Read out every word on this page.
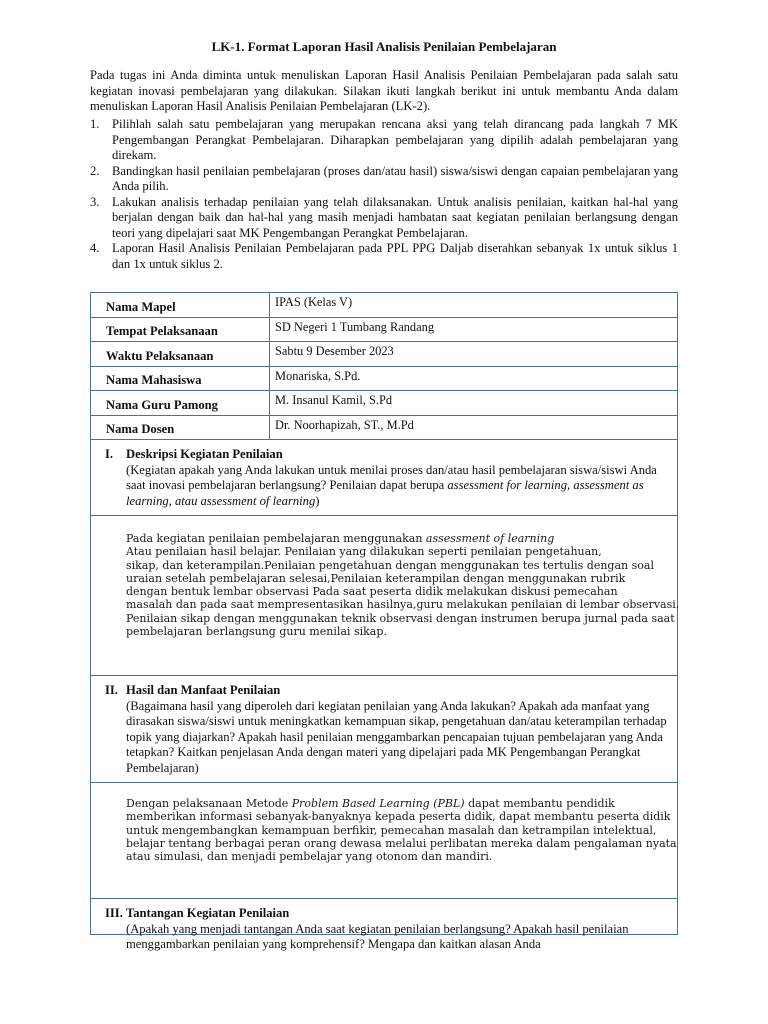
LK-1. Format Laporan Hasil Analisis Penilaian Pembelajaran
Pada tugas ini Anda diminta untuk menuliskan Laporan Hasil Analisis Penilaian Pembelajaran pada salah satu kegiatan inovasi pembelajaran yang dilakukan. Silakan ikuti langkah berikut ini untuk membantu Anda dalam menuliskan Laporan Hasil Analisis Penilaian Pembelajaran (LK-2).
1. Pilihlah salah satu pembelajaran yang merupakan rencana aksi yang telah dirancang pada langkah 7 MK Pengembangan Perangkat Pembelajaran. Diharapkan pembelajaran yang dipilih adalah pembelajaran yang direkam.
2. Bandingkan hasil penilaian pembelajaran (proses dan/atau hasil) siswa/siswi dengan capaian pembelajaran yang Anda pilih.
3. Lakukan analisis terhadap penilaian yang telah dilaksanakan. Untuk analisis penilaian, kaitkan hal-hal yang berjalan dengan baik dan hal-hal yang masih menjadi hambatan saat kegiatan penilaian berlangsung dengan teori yang dipelajari saat MK Pengembangan Perangkat Pembelajaran.
4. Laporan Hasil Analisis Penilaian Pembelajaran pada PPL PPG Daljab diserahkan sebanyak 1x untuk siklus 1 dan 1x untuk siklus 2.
Nama Mapel	IPAS (Kelas V)
Tempat Pelaksanaan	SD Negeri 1 Tumbang Randang
Waktu Pelaksanaan	Sabtu 9 Desember 2023
Nama Mahasiswa	Monariska, S.Pd.
Nama Guru Pamong	M. Insanul Kamil, S.Pd
Nama Dosen	Dr. Noorhapizah, ST., M.Pd
I.	Deskripsi Kegiatan Penilaian
(Kegiatan apakah yang Anda lakukan untuk menilai proses dan/atau hasil pembelajaran siswa/siswi Anda saat inovasi pembelajaran berlangsung? Penilaian dapat berupa assessment for learning, assessment as learning, atau assessment of learning)
Pada kegiatan penilaian pembelajaran menggunakan assessment of learning
Atau penilaian hasil belajar. Penilaian yang dilakukan seperti penilaian pengetahuan,
sikap, dan keterampilan.Penilaian pengetahuan dengan menggunakan tes tertulis dengan soal
uraian setelah pembelajaran selesai,Penilaian keterampilan dengan menggunakan rubrik
dengan bentuk lembar observasi Pada saat peserta didik melakukan diskusi pemecahan
masalah dan pada saat mempresentasikan hasilnya,guru melakukan penilaian di lembar observasi.
Penilaian sikap dengan menggunakan teknik observasi dengan instrumen berupa jurnal pada saat
pembelajaran berlangsung guru menilai sikap.
II. Hasil dan Manfaat Penilaian
(Bagaimana hasil yang diperoleh dari kegiatan penilaian yang Anda lakukan? Apakah ada manfaat yang dirasakan siswa/siswi untuk meningkatkan kemampuan sikap, pengetahuan dan/atau keterampilan terhadap topik yang diajarkan? Apakah hasil penilaian menggambarkan pencapaian tujuan pembelajaran yang Anda tetapkan? Kaitkan penjelasan Anda dengan materi yang dipelajari pada MK Pengembangan Perangkat Pembelajaran)
Dengan pelaksanaan Metode Problem Based Learning (PBL) dapat membantu pendidik
memberikan informasi sebanyak-banyaknya kepada peserta didik, dapat membantu peserta didik
untuk mengembangkan kemampuan berfikir, pemecahan masalah dan ketrampilan intelektual,
belajar tentang berbagai peran orang dewasa melalui perlibatan mereka dalam pengalaman nyata
atau simulasi, dan menjadi pembelajar yang otonom dan mandiri.
III. Tantangan Kegiatan Penilaian
(Apakah yang menjadi tantangan Anda saat kegiatan penilaian berlangsung? Apakah hasil penilaian menggambarkan penilaian yang komprehensif? Mengapa dan kaitkan alasan Anda
